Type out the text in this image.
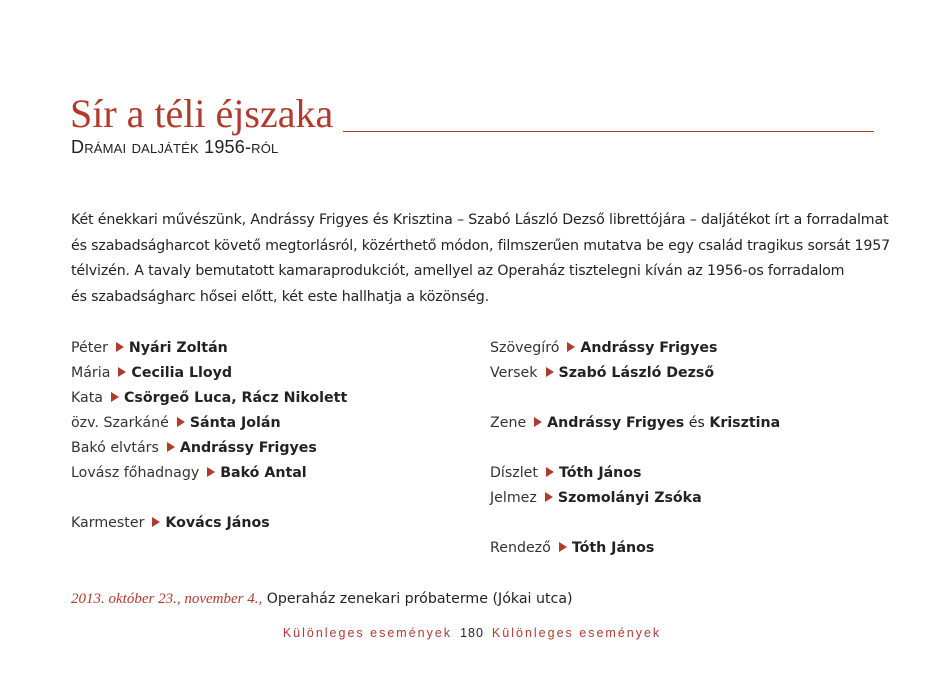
Sír a téli éjszaka
Drámai daljáték 1956-ról

Két énekkari művészünk, Andrássy Frigyes és Krisztina – Szabó László Dezső librettójára – daljátékot írt a forradalmat

és szabadságharcot követő megtorlásról, közérthető módon, filmszerűen mutatva be egy család tragikus sorsát 1957

télvizén. A tavaly bemutatott kamaraprodukciót, amellyel az Operaház tisztelegni kíván az 1956-os forradalom

és szabadságharc hősei előtt, két este hallhatja a közönség.

Péter Nyári Zoltán
Mária Cecilia Lloyd
Kata Csörgeő Luca, Rácz Nikolett
özv. Szarkáné Sánta Jolán
Bakó elvtárs Andrássy Frigyes
Lovász főhadnagy Bakó Antal
Karmester Kovács János
Szövegíró Andrássy Frigyes
Versek Szabó László Dezső
Zene Andrássy Frigyes és Krisztina
Díszlet Tóth János
Jelmez Szomolányi Zsóka
Rendező Tóth János
2013. október 23., november 4., Operaház zenekari próbaterme (Jókai utca)
Különleges események 180 Különleges események
